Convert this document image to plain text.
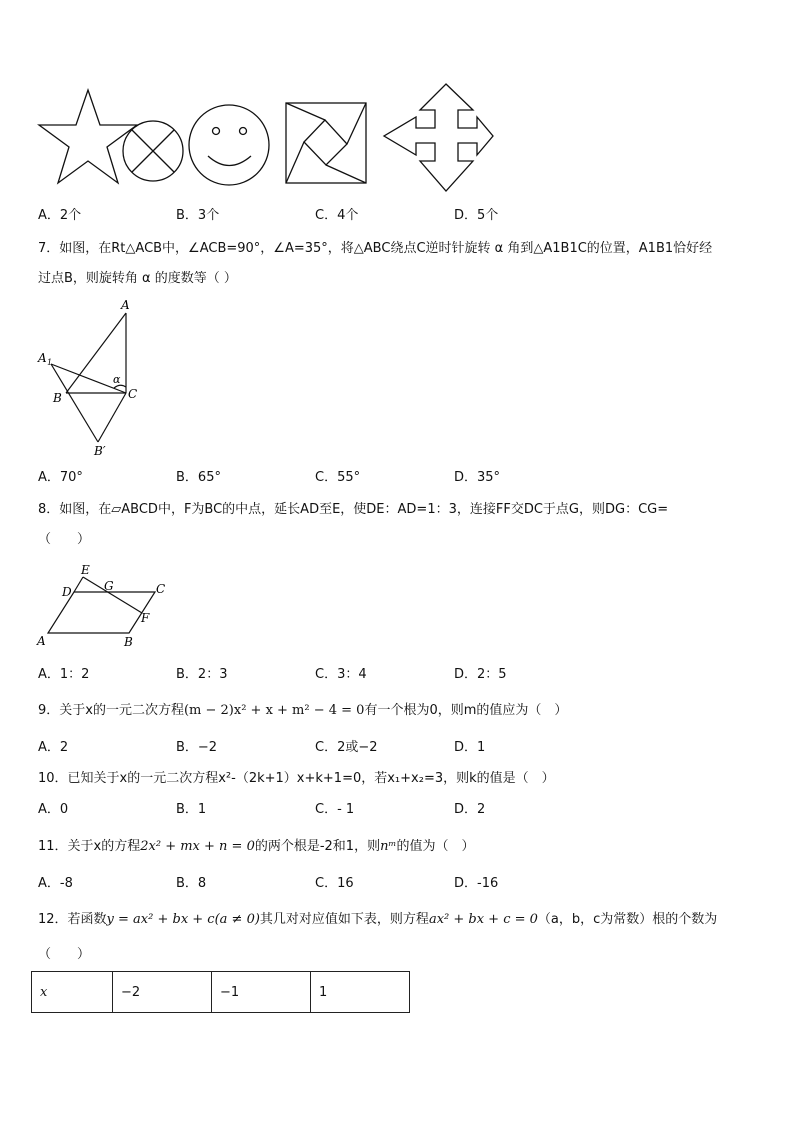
A．2个	B．3个	C．4个	D．5个
7．如图，在Rt△ACB中，∠ACB=90°，∠A=35°，将△ABC绕点C逆时针旋转 α 角到△A1B1C的位置，A1B1恰好经
过点B，则旋转角 α 的度数等（ ）
A
A 1
α
B	C
B′
A．70°	B．65°	C．55°	D．35°
8．如图，在▱ABCD中，F为BC的中点，延长AD至E，使DE：AD=1：3，连接FF交DC于点G，则DG：CG=
（　　）
E
G	C
D
F
A	B
A．1：2	B．2：3	C．3：4	D．2：5
9．关于x的一元二次方程(m − 2)x² + x + m² − 4 = 0有一个根为0，则m的值应为（　）
A．2	B．−2	C．2或−2	D．1
10．已知关于x的一元二次方程x²-（2k+1）x+k+1=0，若x₁+x₂=3，则k的值是（　）
A．0	B．1	C．- 1	D．2
11．关于x的方程2x² + mx + n = 0的两个根是-2和1，则nᵐ的值为（　）
A．-8	B．8	C．16	D．-16
12．若函数y = ax² + bx + c(a ≠ 0)其几对对应值如下表，则方程ax² + bx + c = 0（a，b，c为常数）根的个数为
（　　）
x	−2	−1	1
